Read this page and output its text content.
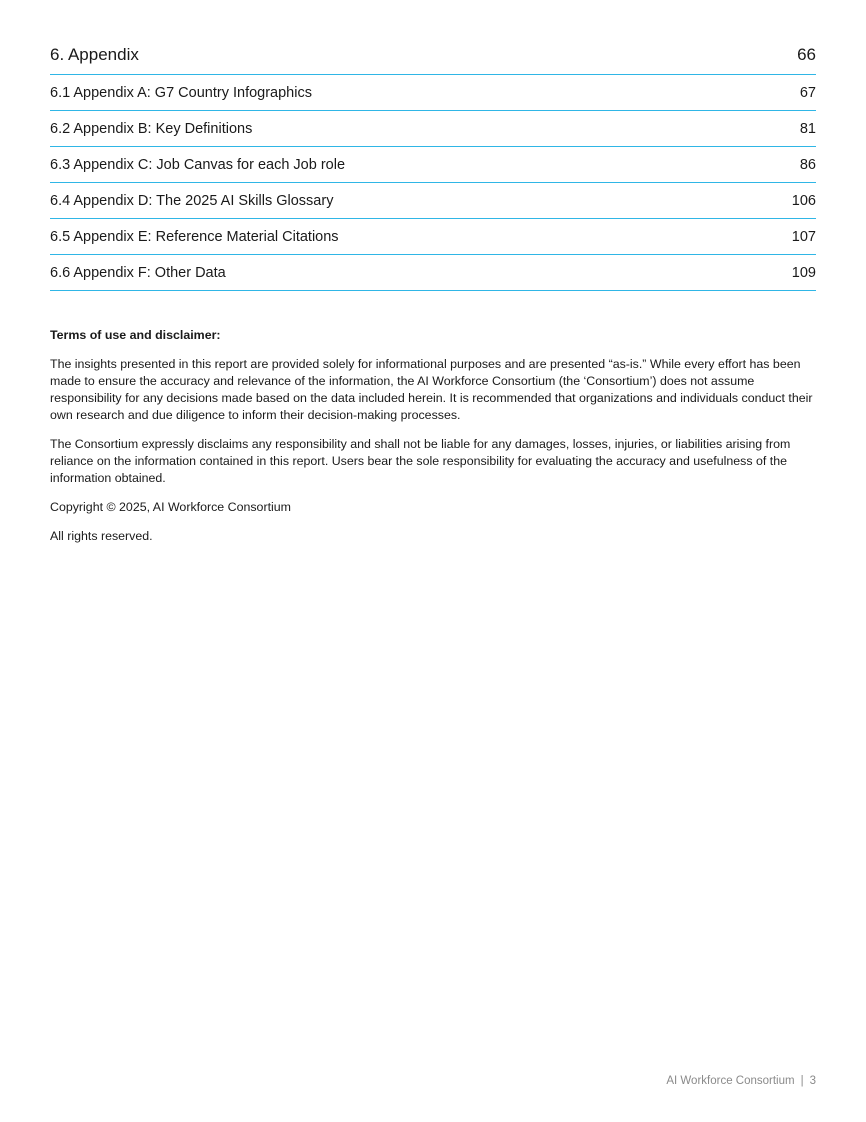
6. Appendix	66
6.1 Appendix A: G7 Country Infographics	67
6.2 Appendix B: Key Definitions	81
6.3 Appendix C: Job Canvas for each Job role	86
6.4 Appendix D: The 2025 AI Skills Glossary	106
6.5 Appendix E: Reference Material Citations	107
6.6 Appendix F: Other Data	109
Terms of use and disclaimer:

The insights presented in this report are provided solely for informational purposes and are presented “as-is.” While every effort has been made to ensure the accuracy and relevance of the information, the AI Workforce Consortium (the ‘Consortium’) does not assume responsibility for any decisions made based on the data included herein. It is recommended that organizations and individuals conduct their own research and due diligence to inform their decision-making processes.

The Consortium expressly disclaims any responsibility and shall not be liable for any damages, losses, injuries, or liabilities arising from reliance on the information contained in this report. Users bear the sole responsibility for evaluating the accuracy and usefulness of the information obtained.

Copyright © 2025, AI Workforce Consortium

All rights reserved.

AI Workforce Consortium | 3
